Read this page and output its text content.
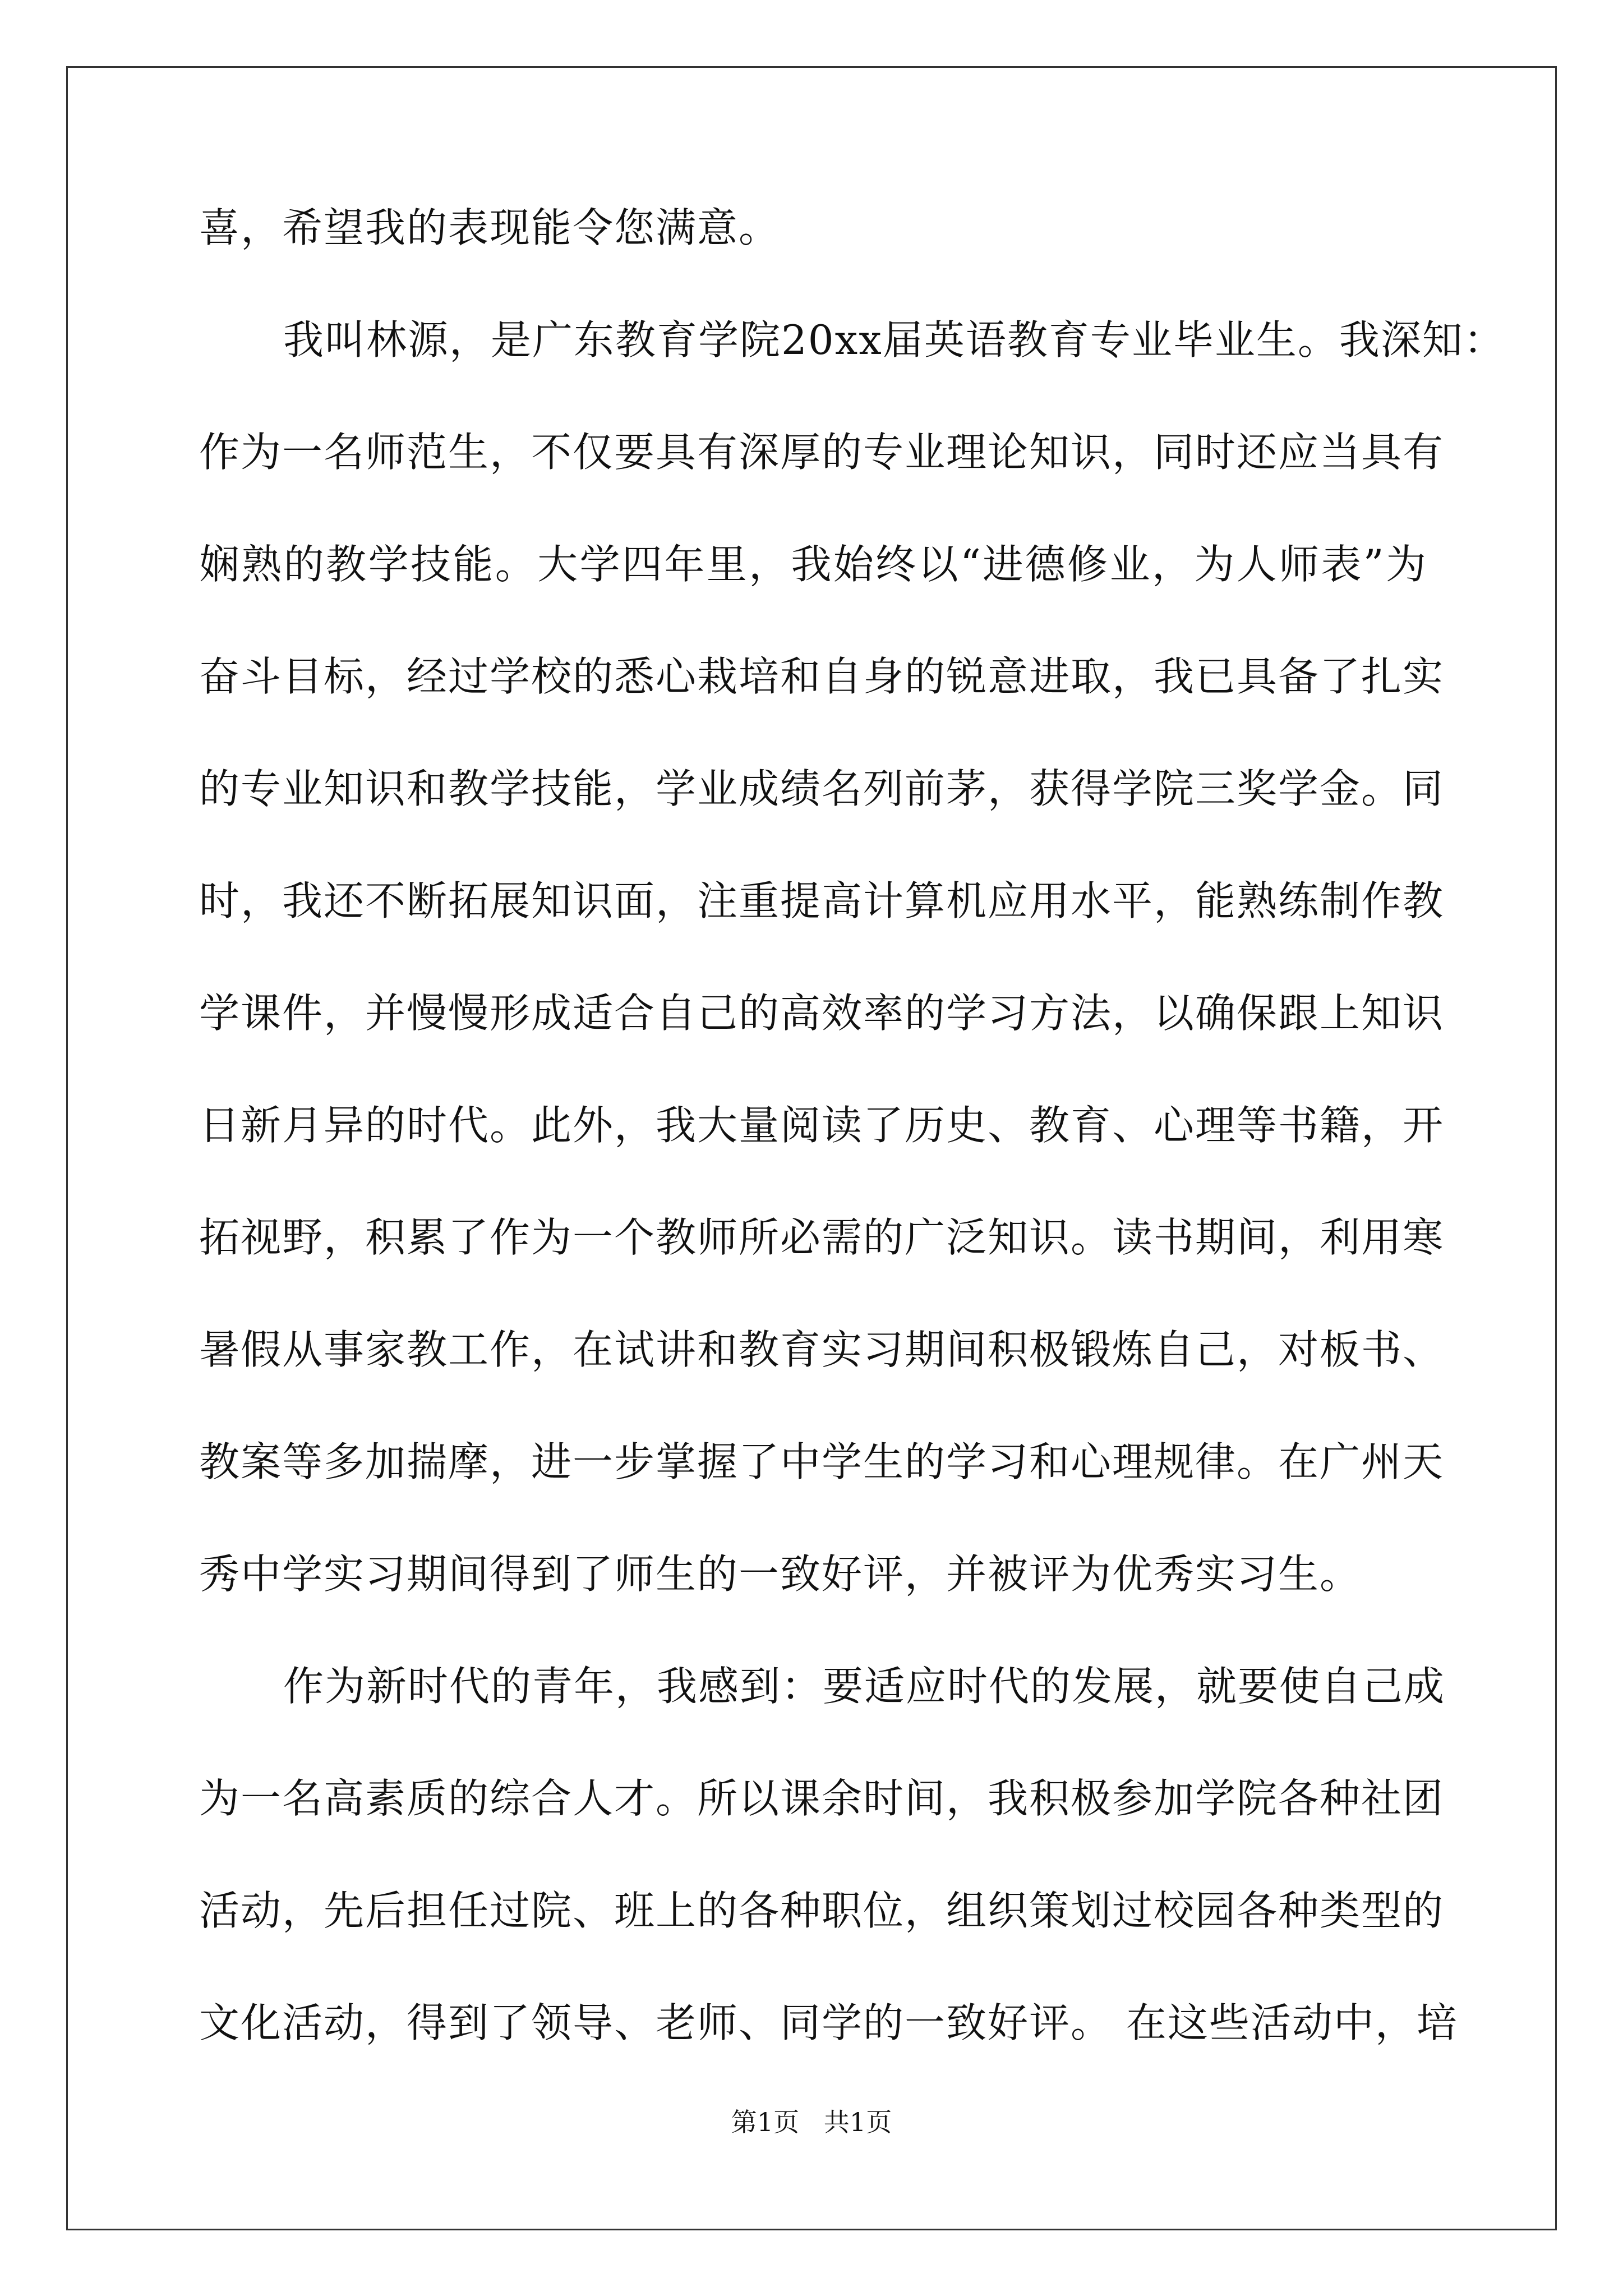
喜，希望我的表现能令您满意。
我叫林源，是广东教育学院20xx届英语教育专业毕业生。我深知：
作为一名师范生，不仅要具有深厚的专业理论知识，同时还应当具有
娴熟的教学技能。大学四年里，我始终以“进德修业，为人师表”为
奋斗目标，经过学校的悉心栽培和自身的锐意进取，我已具备了扎实
的专业知识和教学技能，学业成绩名列前茅，获得学院三奖学金。同
时，我还不断拓展知识面，注重提高计算机应用水平，能熟练制作教
学课件，并慢慢形成适合自己的高效率的学习方法，以确保跟上知识
日新月异的时代。此外，我大量阅读了历史、教育、心理等书籍，开
拓视野，积累了作为一个教师所必需的广泛知识。读书期间，利用寒
暑假从事家教工作，在试讲和教育实习期间积极锻炼自己，对板书、
教案等多加揣摩，进一步掌握了中学生的学习和心理规律。在广州天
秀中学实习期间得到了师生的一致好评，并被评为优秀实习生。
作为新时代的青年，我感到：要适应时代的发展，就要使自己成
为一名高素质的综合人才。所以课余时间，我积极参加学院各种社团
活动，先后担任过院、班上的各种职位，组织策划过校园各种类型的
文化活动，得到了领导、老师、同学的一致好评。 在这些活动中，培
第1页   共1页
